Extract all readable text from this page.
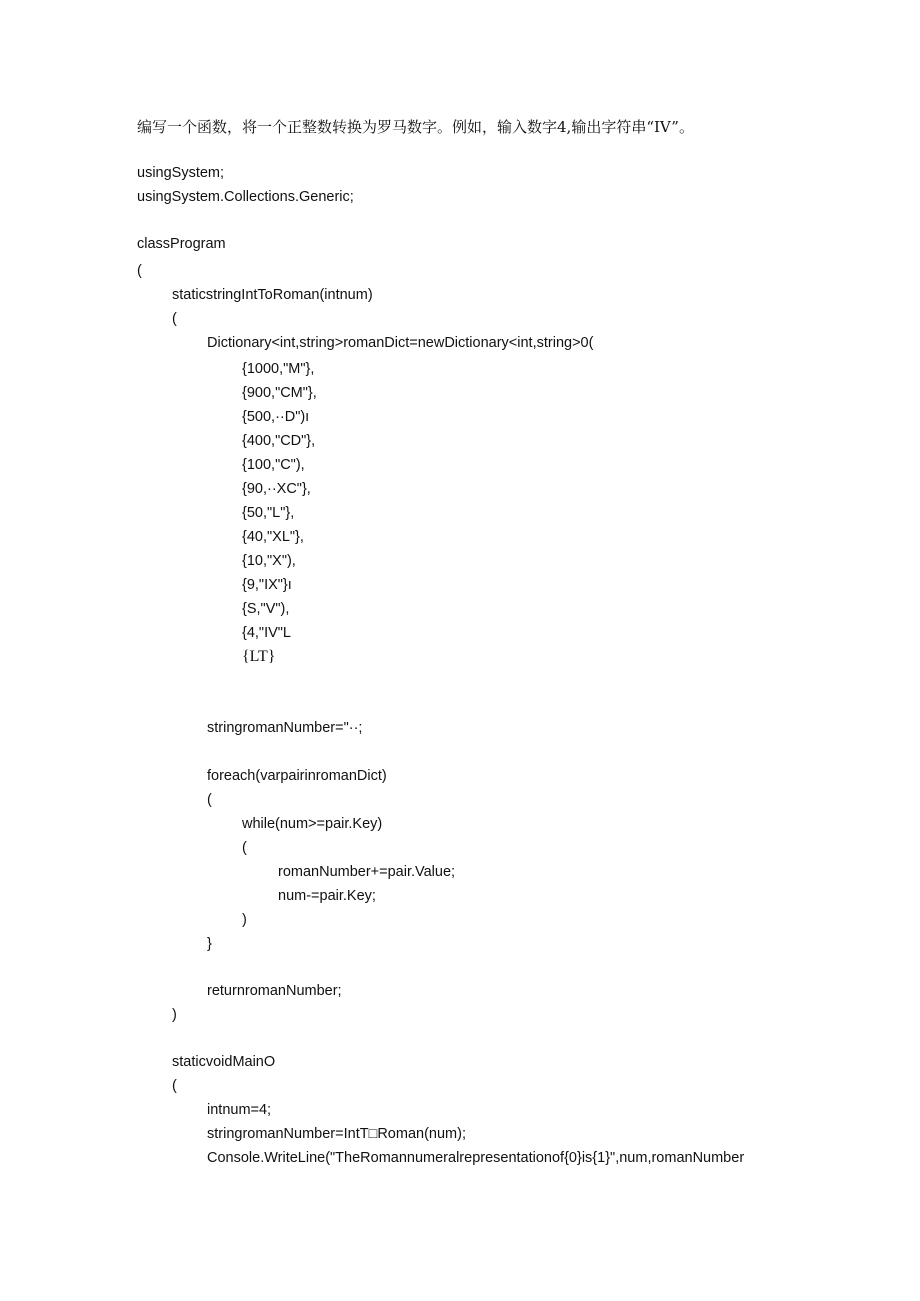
编写一个函数，将一个正整数转换为罗马数字。例如，输入数字4,输出字符串“IV”。
usingSystem;
usingSystem.Collections.Generic;
classProgram
(
staticstringIntToRoman(intnum)
(
Dictionary<int,string>romanDict=newDictionary<int,string>0(
{1000,"M"},
{900,"CM"},
{500,··D")ı
{400,"CD"},
{100,"C"),
{90,··XC"},
{50,"L"},
{40,"XL"},
{10,"X"),
{9,"IX"}ı
{S,"V"),
{4,"IV"L
{LT}
stringromanNumber="··;
foreach(varpairinromanDict)
(
while(num>=pair.Key)
(
romanNumber+=pair.Value;
num-=pair.Key;
)
}
returnromanNumber;
)
staticvoidMainO
(
intnum=4;
stringromanNumber=IntT□Roman(num);
Console.WriteLine("TheRomannumeralrepresentationof{0}is{1}",num,romanNumber
